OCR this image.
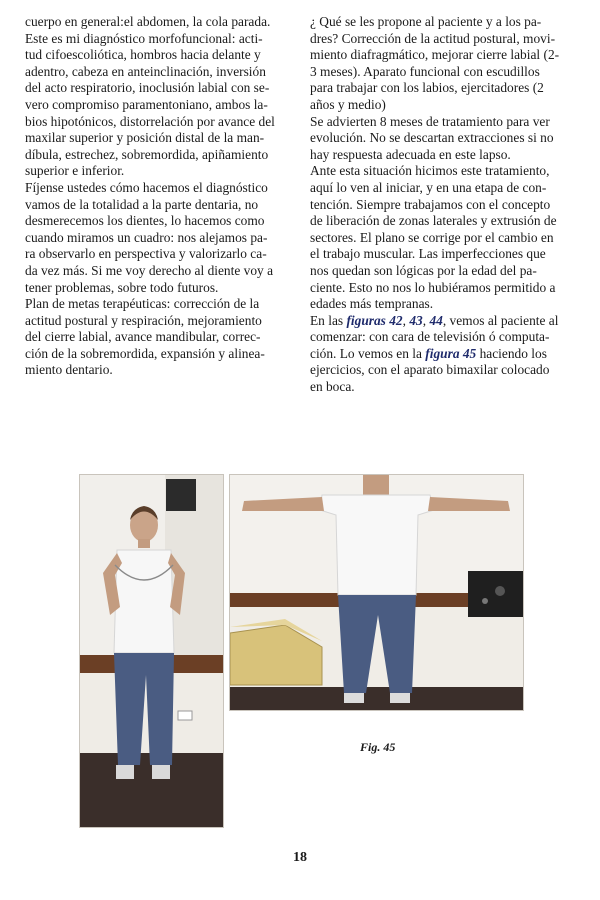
cuerpo en general:el abdomen, la cola parada.

Este es mi diagnóstico morfofuncional: acti-

tud cifoescoliótica, hombros hacia delante y

adentro, cabeza en anteinclinación, inversión

del acto respiratorio, inoclusión labial con se-

vero compromiso paramentoniano, ambos la-

bios hipotónicos, distorrelación por avance del

maxilar superior y posición distal de la man-

díbula, estrechez, sobremordida, apiñamiento

superior e inferior.

Fíjense ustedes cómo hacemos el diagnóstico

vamos de la totalidad a la parte dentaria, no

desmerecemos los dientes, lo hacemos como

cuando miramos un cuadro: nos alejamos pa-

ra observarlo en perspectiva y valorizarlo ca-

da vez más. Si me voy derecho al diente voy a

tener problemas, sobre todo futuros.

Plan de metas terapéuticas: corrección de la

actitud postural y respiración, mejoramiento

del cierre labial, avance mandibular, correc-

ción de la sobremordida, expansión y alinea-

miento dentario.

¿ Qué se les propone al paciente y a los pa-

dres? Corrección de la actitud postural, movi-

miento diafragmático, mejorar cierre labial (2-

3 meses). Aparato funcional con escudillos

para trabajar con los labios, ejercitadores (2

años y medio)

Se advierten 8 meses de tratamiento para ver

evolución. No se descartan extracciones si no

hay respuesta adecuada en este lapso.

Ante esta situación hicimos este tratamiento,

aquí lo ven al iniciar, y en una etapa de con-

tención. Siempre trabajamos con el concepto

de liberación de zonas laterales y extrusión de

sectores. El plano se corrige por el cambio en

el trabajo muscular. Las imperfecciones que

nos quedan son lógicas por la edad del pa-

ciente. Esto no nos lo hubiéramos permitido a

edades más tempranas.

En las figuras 42, 43, 44, vemos al paciente al

comenzar: con cara de televisión ó computa-

ción. Lo vemos en la figura 45 haciendo los

ejercicios, con el aparato bimaxilar colocado

en boca.

Fig. 45
18
